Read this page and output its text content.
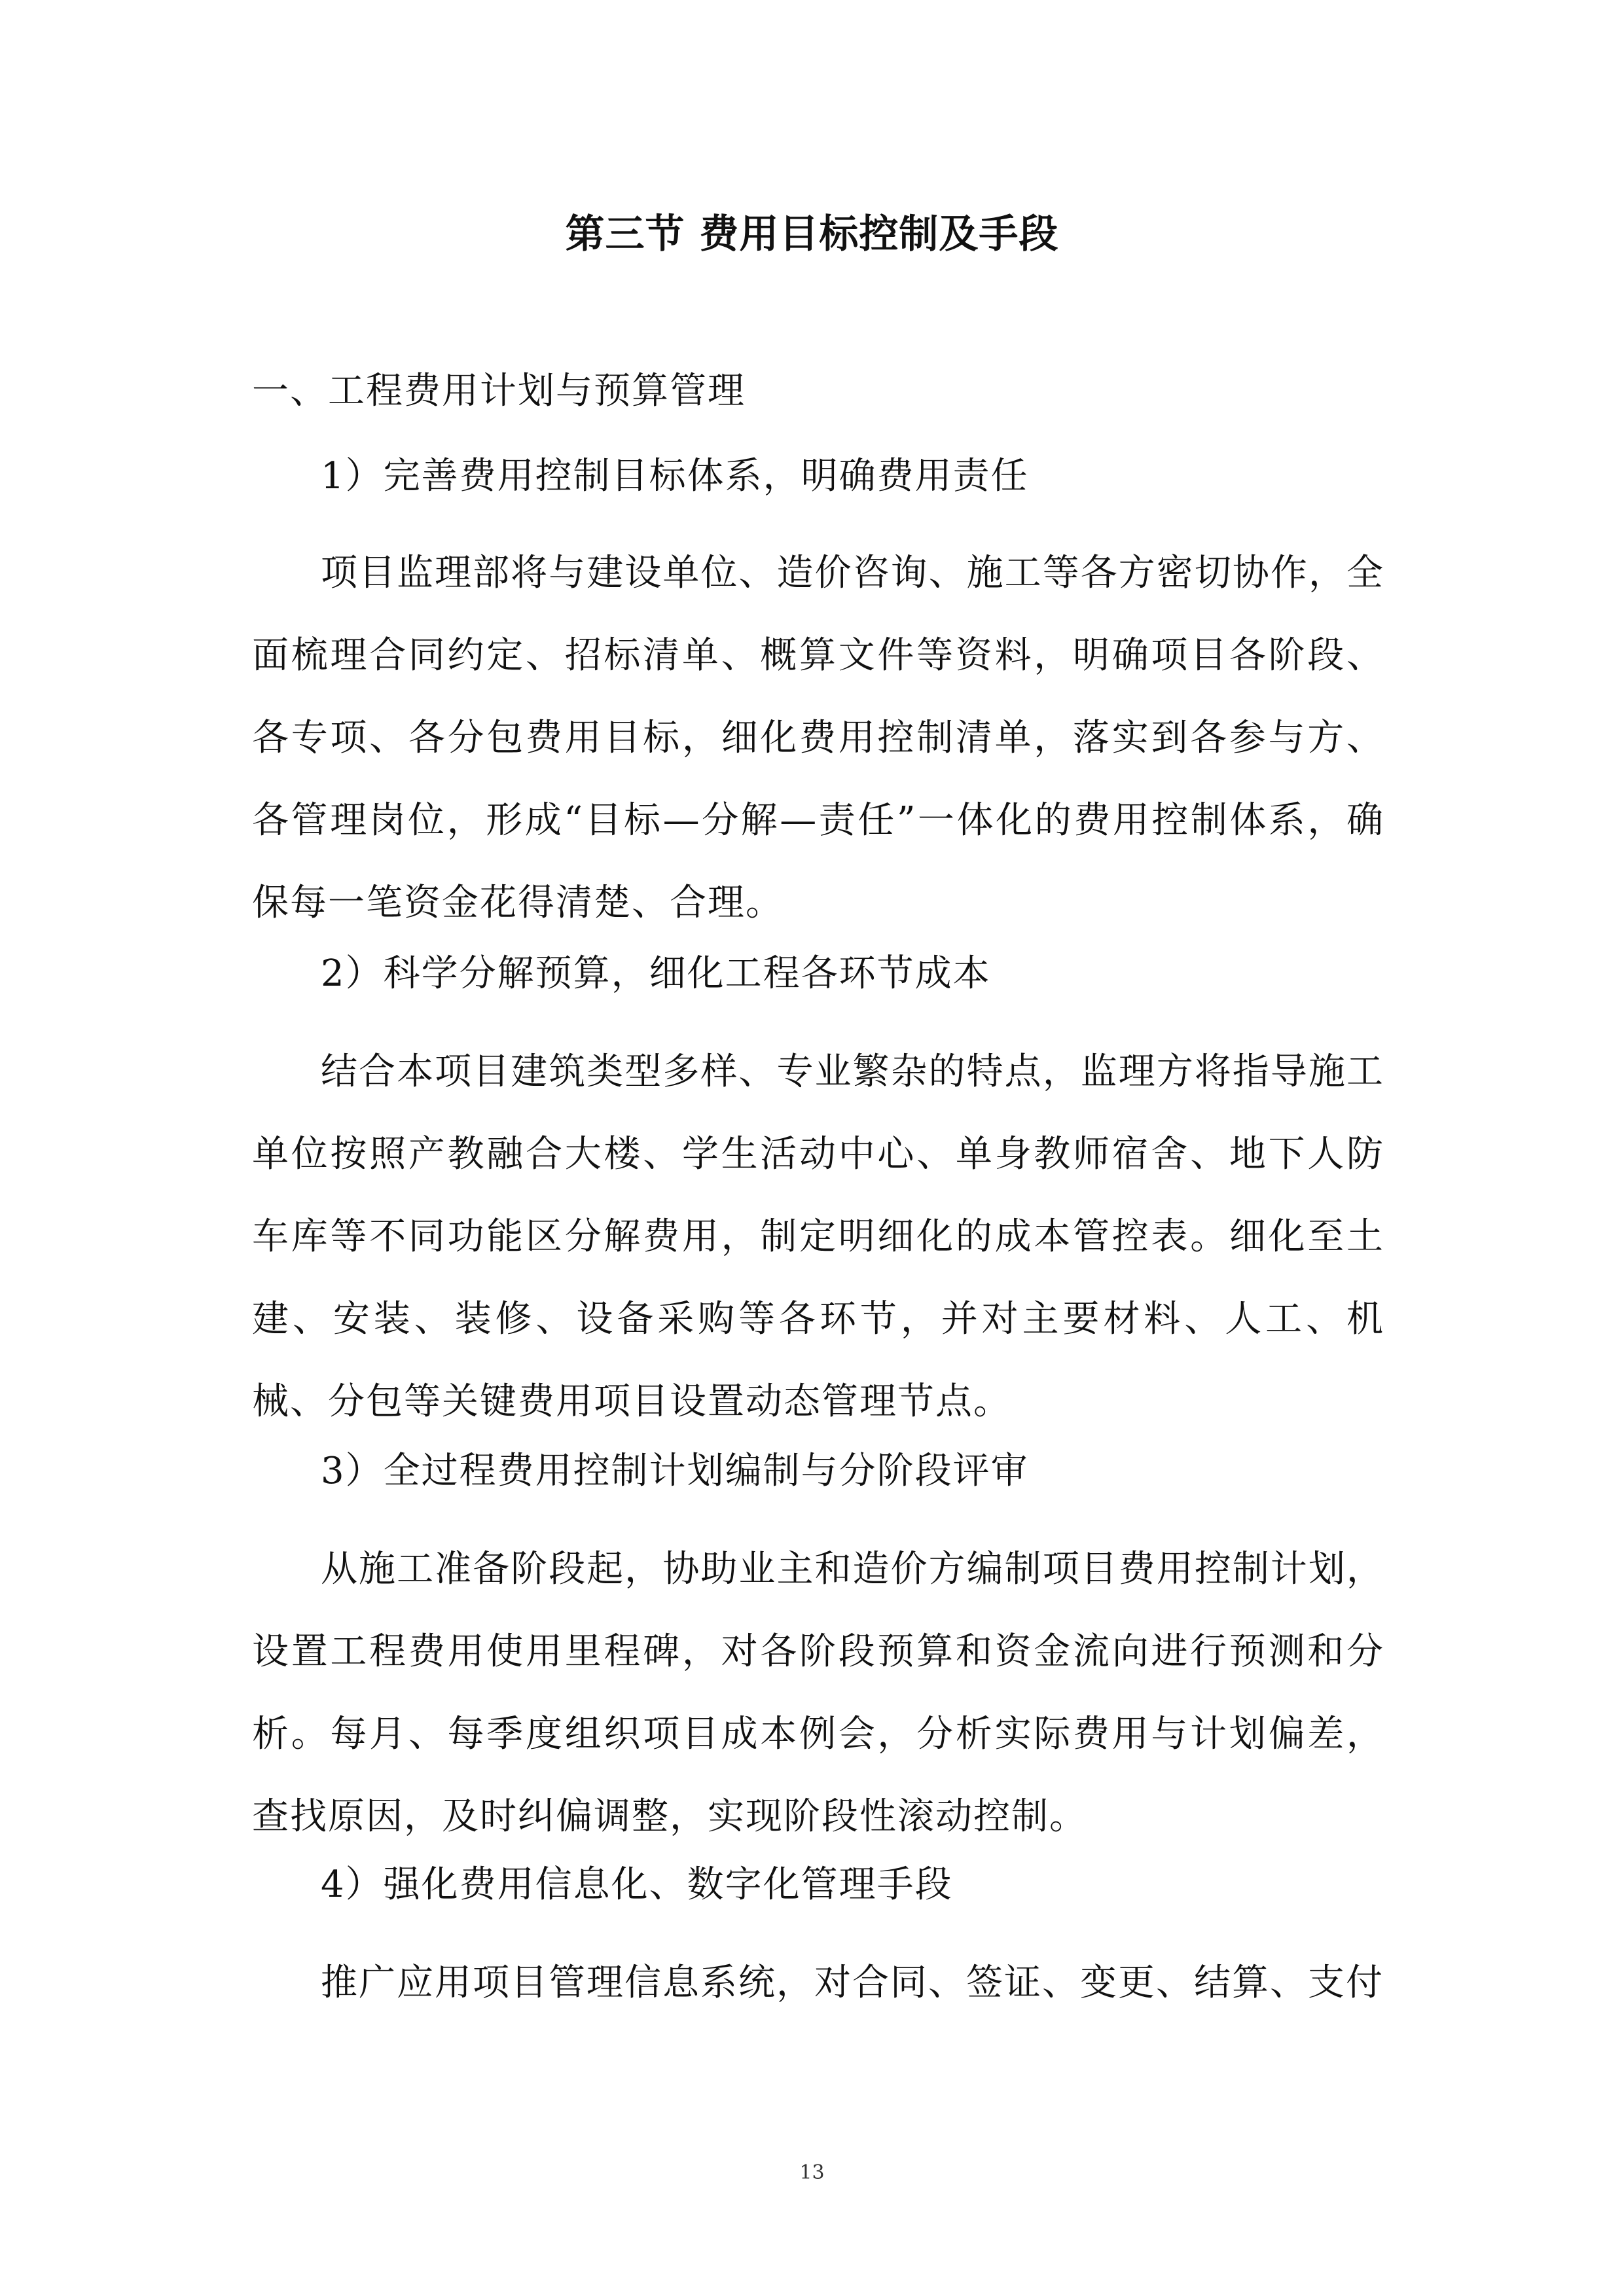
第三节 费用目标控制及手段
一、工程费用计划与预算管理
1）完善费用控制目标体系，明确费用责任

项目监理部将与建设单位、造价咨询、施工等各方密切协作，全面梳理合同约定、招标清单、概算文件等资料，明确项目各阶段、各专项、各分包费用目标，细化费用控制清单，落实到各参与方、各管理岗位，形成“目标—分解—责任”一体化的费用控制体系，确保每一笔资金花得清楚、合理。

2）科学分解预算，细化工程各环节成本

结合本项目建筑类型多样、专业繁杂的特点，监理方将指导施工单位按照产教融合大楼、学生活动中心、单身教师宿舍、地下人防车库等不同功能区分解费用，制定明细化的成本管控表。细化至土建、安装、装修、设备采购等各环节，并对主要材料、人工、机械、分包等关键费用项目设置动态管理节点。

3）全过程费用控制计划编制与分阶段评审

从施工准备阶段起，协助业主和造价方编制项目费用控制计划，设置工程费用使用里程碑，对各阶段预算和资金流向进行预测和分析。每月、每季度组织项目成本例会，分析实际费用与计划偏差，查找原因，及时纠偏调整，实现阶段性滚动控制。

4）强化费用信息化、数字化管理手段

推广应用项目管理信息系统，对合同、签证、变更、结算、支付

13
